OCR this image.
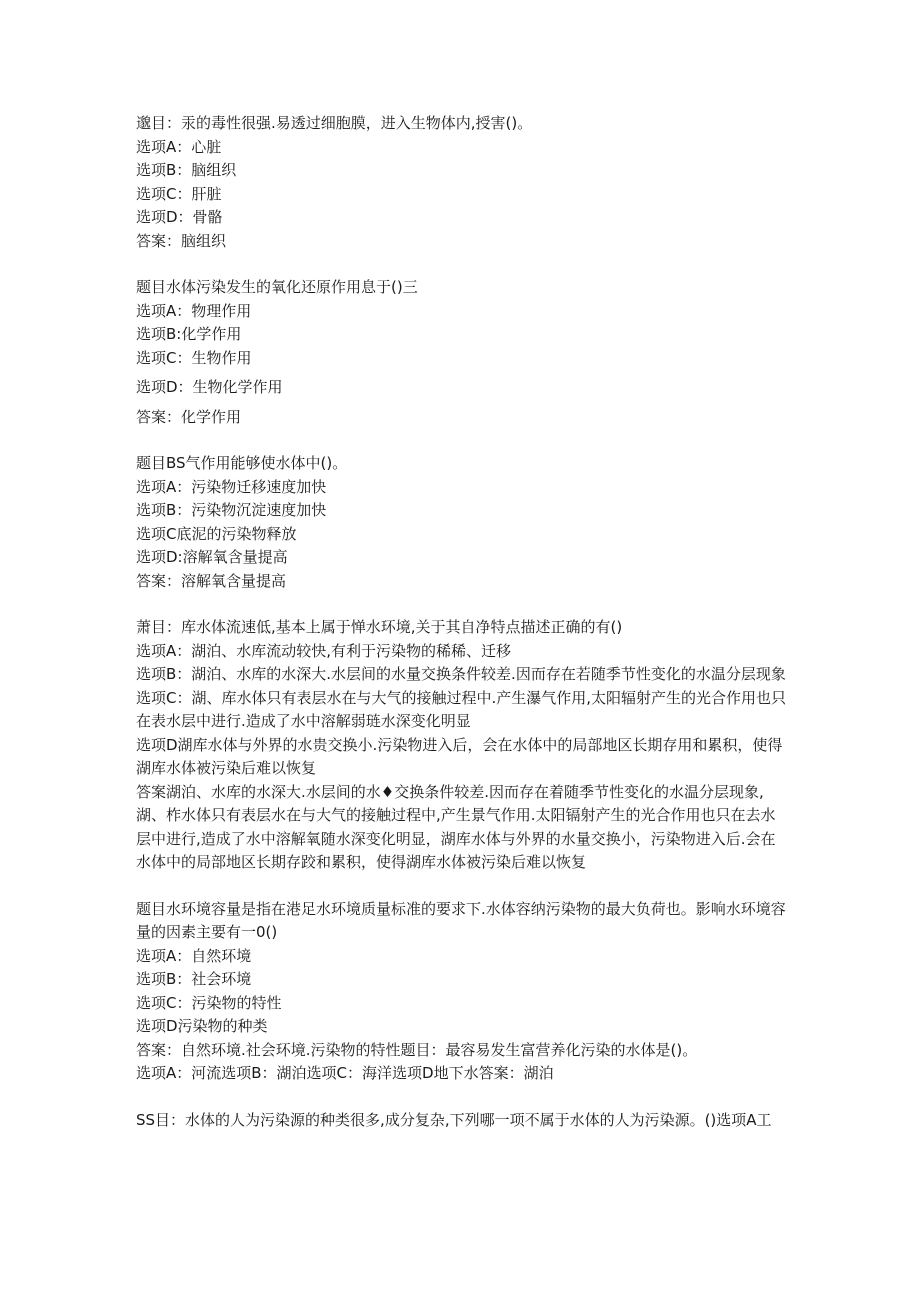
邈目：汞的毒性很强.易透过细胞膜，进入生物体内,授害()。
选项A：心脏
选项B：脑组织
选项C：肝脏
选项D：骨骼
答案：脑组织
题目水体污染发生的氧化还原作用息于()三
选项A：物理作用
选项B:化学作用
选项C：生物作用
选项D：生物化学作用
答案：化学作用
题目BS气作用能够使水体中()。
选项A：污染物迁移速度加快
选项B：污染物沉淀速度加快
选项C底泥的污染物释放
选项D:溶解氧含量提高
答案：溶解氧含量提高
萧目：库水体流速低,基本上属于惮水环境,关于其自净特点描述正确的有()
选项A：湖泊、水库流动较快,有利于污染物的稀稀、迁移
选项B：湖泊、水库的水深大.水层间的水量交换条件较差.因而存在若随季节性变化的水温分层现象
选项C：湖、库水体只有表层水在与大气的接触过程中.产生瀑气作用,太阳辐射产生的光合作用也只在表水层中进行.造成了水中溶解弱琏水深变化明显
选项D湖库水体与外界的水贵交换小.污染物进入后，会在水体中的局部地区长期存用和累积，使得湖库水体被污染后难以恢复
答案湖泊、水库的水深大.水层间的水♦交换条件较差.因而存在着随季节性变化的水温分层现象,湖、柞水体只有表层水在与大气的接触过程中,产生景气作用.太阳镉射产生的光合作用也只在去水层中进行,造成了水中溶解氧随水深变化明显，湖库水体与外界的水量交换小，污染物进入后.会在水体中的局部地区长期存跤和累积，使得湖库水体被污染后难以恢复
题目水环境容量是指在港足水环境质量标准的要求下.水体容纳污染物的最大负荷也。影响水环境容量的因素主要有一0()
选项A：自然环境
选项B：社会环境
选项C：污染物的特性
选项D污染物的种类
答案：自然环境.社会环境.污染物的特性题目：最容易发生富营养化污染的水体是()。
选项A：河流选项B：湖泊选项C：海洋选项D地下水答案：湖泊
SS目：水体的人为污染源的种类很多,成分复杂,下列哪一项不属于水体的人为污染源。()选项A工
